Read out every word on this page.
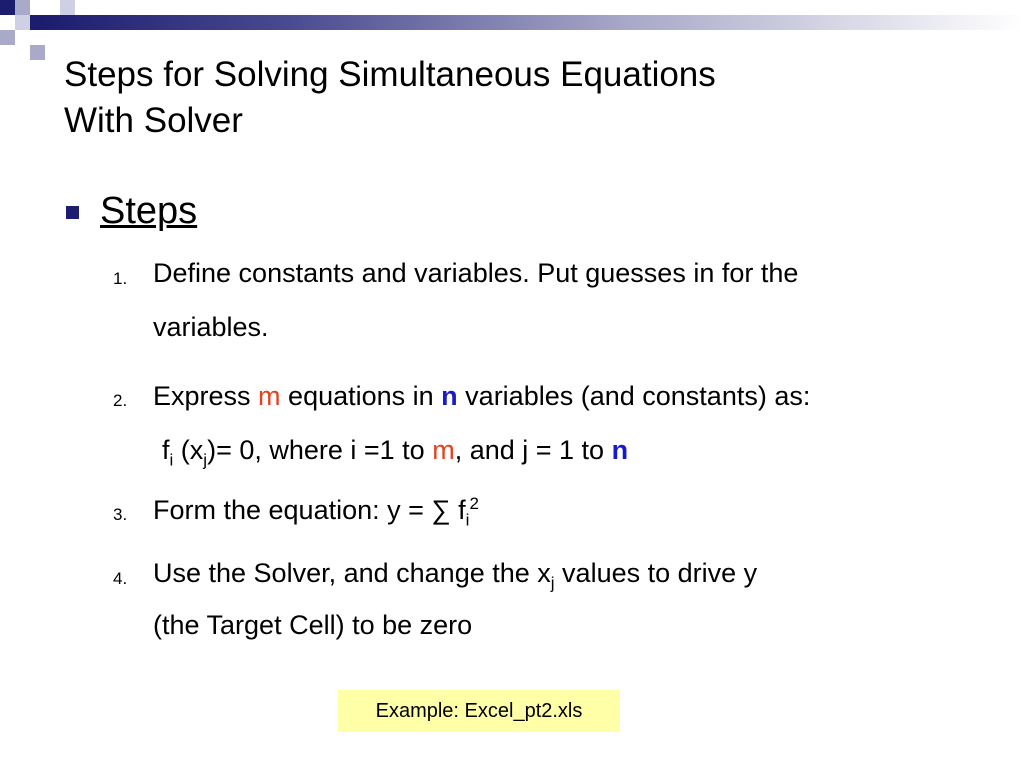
Steps for Solving Simultaneous Equations
With Solver
Steps
1. Define constants and variables. Put guesses in for the
variables.
2. Express m equations in n variables (and constants) as:
$f_i$ $(x_j)= 0$, where i =1 to m, and j = 1 to n
3. Form the equation: y = ∑ $f_i^2$
4. Use the Solver, and change the $x_j$ values to drive y
(the Target Cell) to be zero
Example: Excel_pt2.xls
